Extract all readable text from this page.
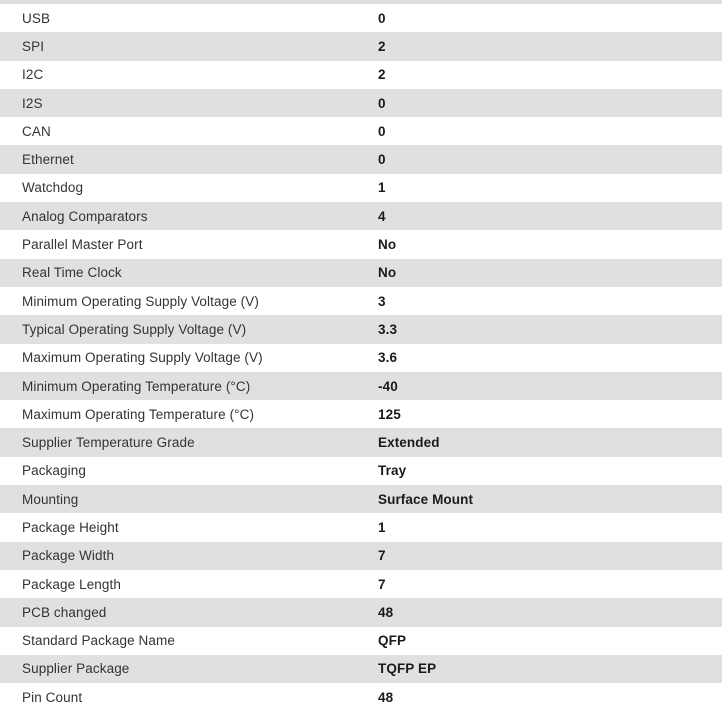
USB	0
SPI	2
I2C	2
I2S	0
CAN	0
Ethernet	0
Watchdog	1
Analog Comparators	4
Parallel Master Port	No
Real Time Clock	No
Minimum Operating Supply Voltage (V)	3
Typical Operating Supply Voltage (V)	3.3
Maximum Operating Supply Voltage (V)	3.6
Minimum Operating Temperature (°C)	-40
Maximum Operating Temperature (°C)	125
Supplier Temperature Grade	Extended
Packaging	Tray
Mounting	Surface Mount
Package Height	1
Package Width	7
Package Length	7
PCB changed	48
Standard Package Name	QFP
Supplier Package	TQFP EP
Pin Count	48
